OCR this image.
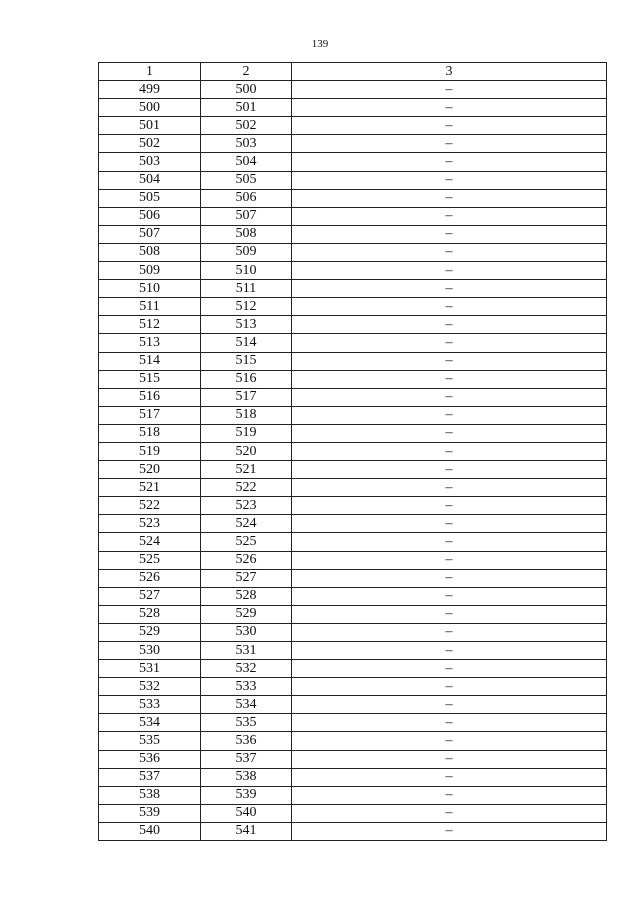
139
1	2	3
499	500	–
500	501	–
501	502	–
502	503	–
503	504	–
504	505	–
505	506	–
506	507	–
507	508	–
508	509	–
509	510	–
510	511	–
511	512	–
512	513	–
513	514	–
514	515	–
515	516	–
516	517	–
517	518	–
518	519	–
519	520	–
520	521	–
521	522	–
522	523	–
523	524	–
524	525	–
525	526	–
526	527	–
527	528	–
528	529	–
529	530	–
530	531	–
531	532	–
532	533	–
533	534	–
534	535	–
535	536	–
536	537	–
537	538	–
538	539	–
539	540	–
540	541	–
